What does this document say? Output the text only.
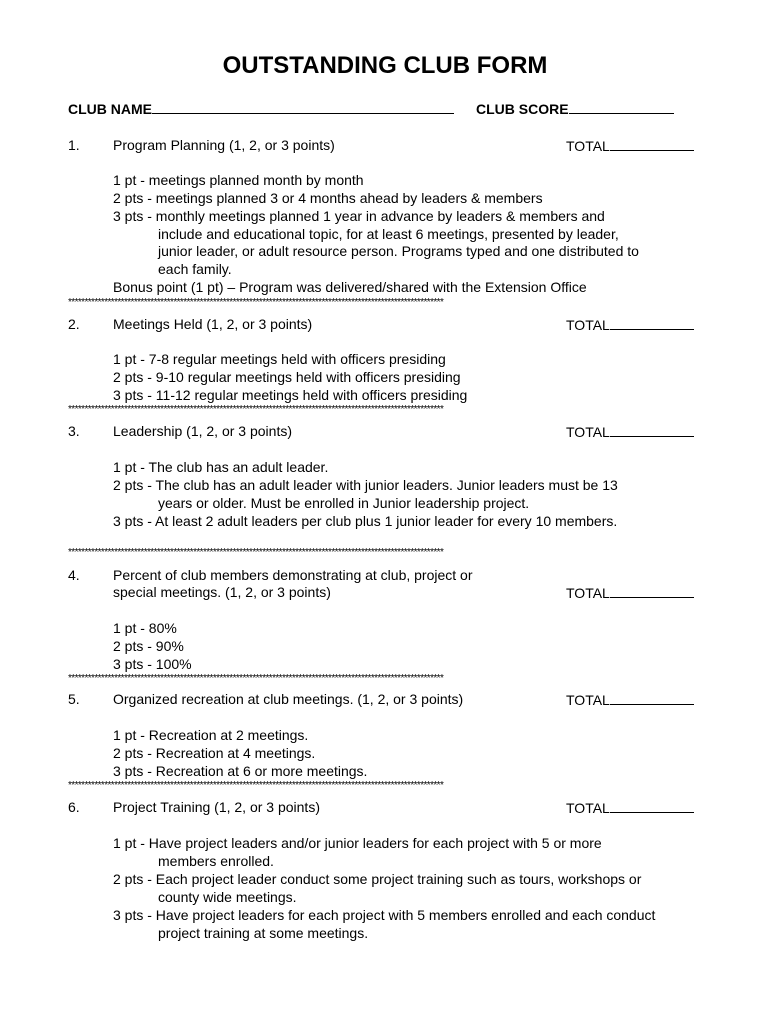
OUTSTANDING CLUB FORM
CLUB NAME	CLUB SCORE
1. Program Planning (1, 2, or 3 points)	TOTAL
1 pt - meetings planned month by month
2 pts - meetings planned 3 or 4 months ahead by leaders & members
3 pts - monthly meetings planned 1 year in advance by leaders & members and
include and educational topic, for at least 6 meetings, presented by leader,
junior leader, or adult resource person. Programs typed and one distributed to
each family.
Bonus point (1 pt) – Program was delivered/shared with the Extension Office
******************************************************************************************************************
2. Meetings Held (1, 2, or 3 points)	TOTAL
1 pt - 7-8 regular meetings held with officers presiding
2 pts - 9-10 regular meetings held with officers presiding
3 pts - 11-12 regular meetings held with officers presiding
******************************************************************************************************************
3. Leadership (1, 2, or 3 points)	TOTAL
1 pt - The club has an adult leader.
2 pts - The club has an adult leader with junior leaders. Junior leaders must be 13
years or older. Must be enrolled in Junior leadership project.
3 pts - At least 2 adult leaders per club plus 1 junior leader for every 10 members.
******************************************************************************************************************
4. Percent of club members demonstrating at club, project or
special meetings. (1, 2, or 3 points)	TOTAL
1 pt - 80%
2 pts - 90%
3 pts - 100%
******************************************************************************************************************
5. Organized recreation at club meetings. (1, 2, or 3 points)	TOTAL
1 pt - Recreation at 2 meetings.
2 pts - Recreation at 4 meetings.
3 pts - Recreation at 6 or more meetings.
******************************************************************************************************************
6. Project Training (1, 2, or 3 points)	TOTAL
1 pt - Have project leaders and/or junior leaders for each project with 5 or more
members enrolled.
2 pts - Each project leader conduct some project training such as tours, workshops or
county wide meetings.
3 pts - Have project leaders for each project with 5 members enrolled and each conduct
project training at some meetings.
